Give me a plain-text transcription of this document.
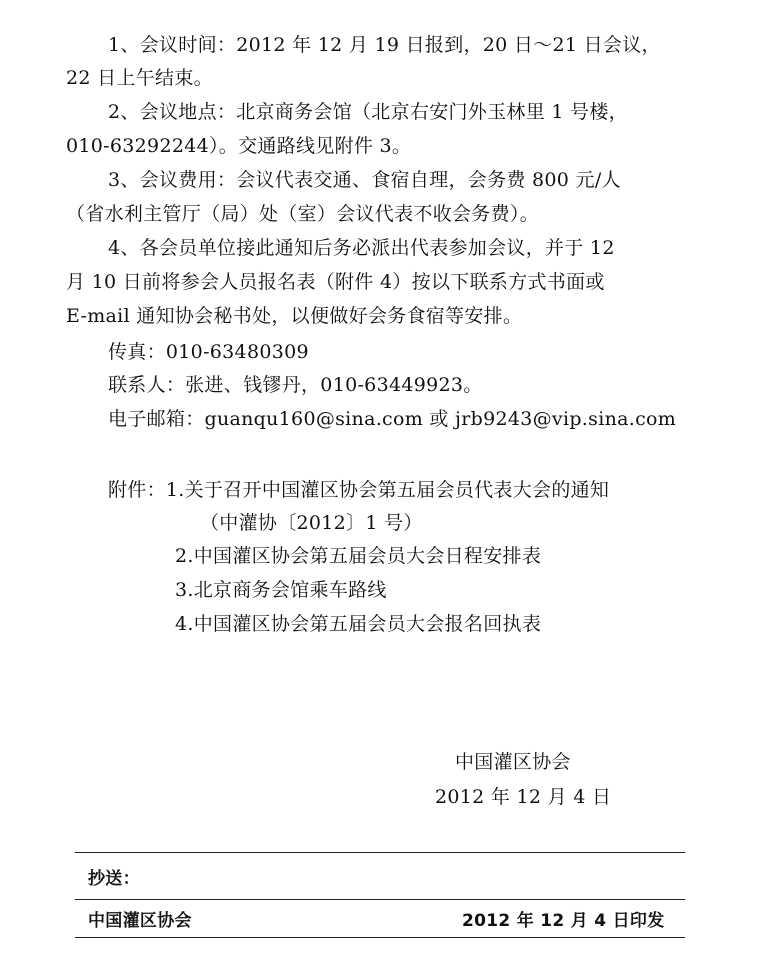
1、会议时间：2012 年 12 月 19 日报到，20 日～21 日会议，
22 日上午结束。
2、会议地点：北京商务会馆（北京右安门外玉林里 1 号楼，
010-63292244）。交通路线见附件 3。
3、会议费用：会议代表交通、食宿自理，会务费 800 元/人
（省水利主管厅（局）处（室）会议代表不收会务费）。
4、各会员单位接此通知后务必派出代表参加会议，并于 12
月 10 日前将参会人员报名表（附件 4）按以下联系方式书面或
E-mail 通知协会秘书处，以便做好会务食宿等安排。
传真：010-63480309
联系人：张进、钱镠丹，010-63449923。
电子邮箱：guanqu160@sina.com 或 jrb9243@vip.sina.com
附件：1.关于召开中国灌区协会第五届会员代表大会的通知
（中灌协〔2012〕1 号）
2.中国灌区协会第五届会员大会日程安排表
3.北京商务会馆乘车路线
4.中国灌区协会第五届会员大会报名回执表
中国灌区协会
2012 年 12 月 4 日
抄送：
中国灌区协会	2012 年 12 月 4 日印发
